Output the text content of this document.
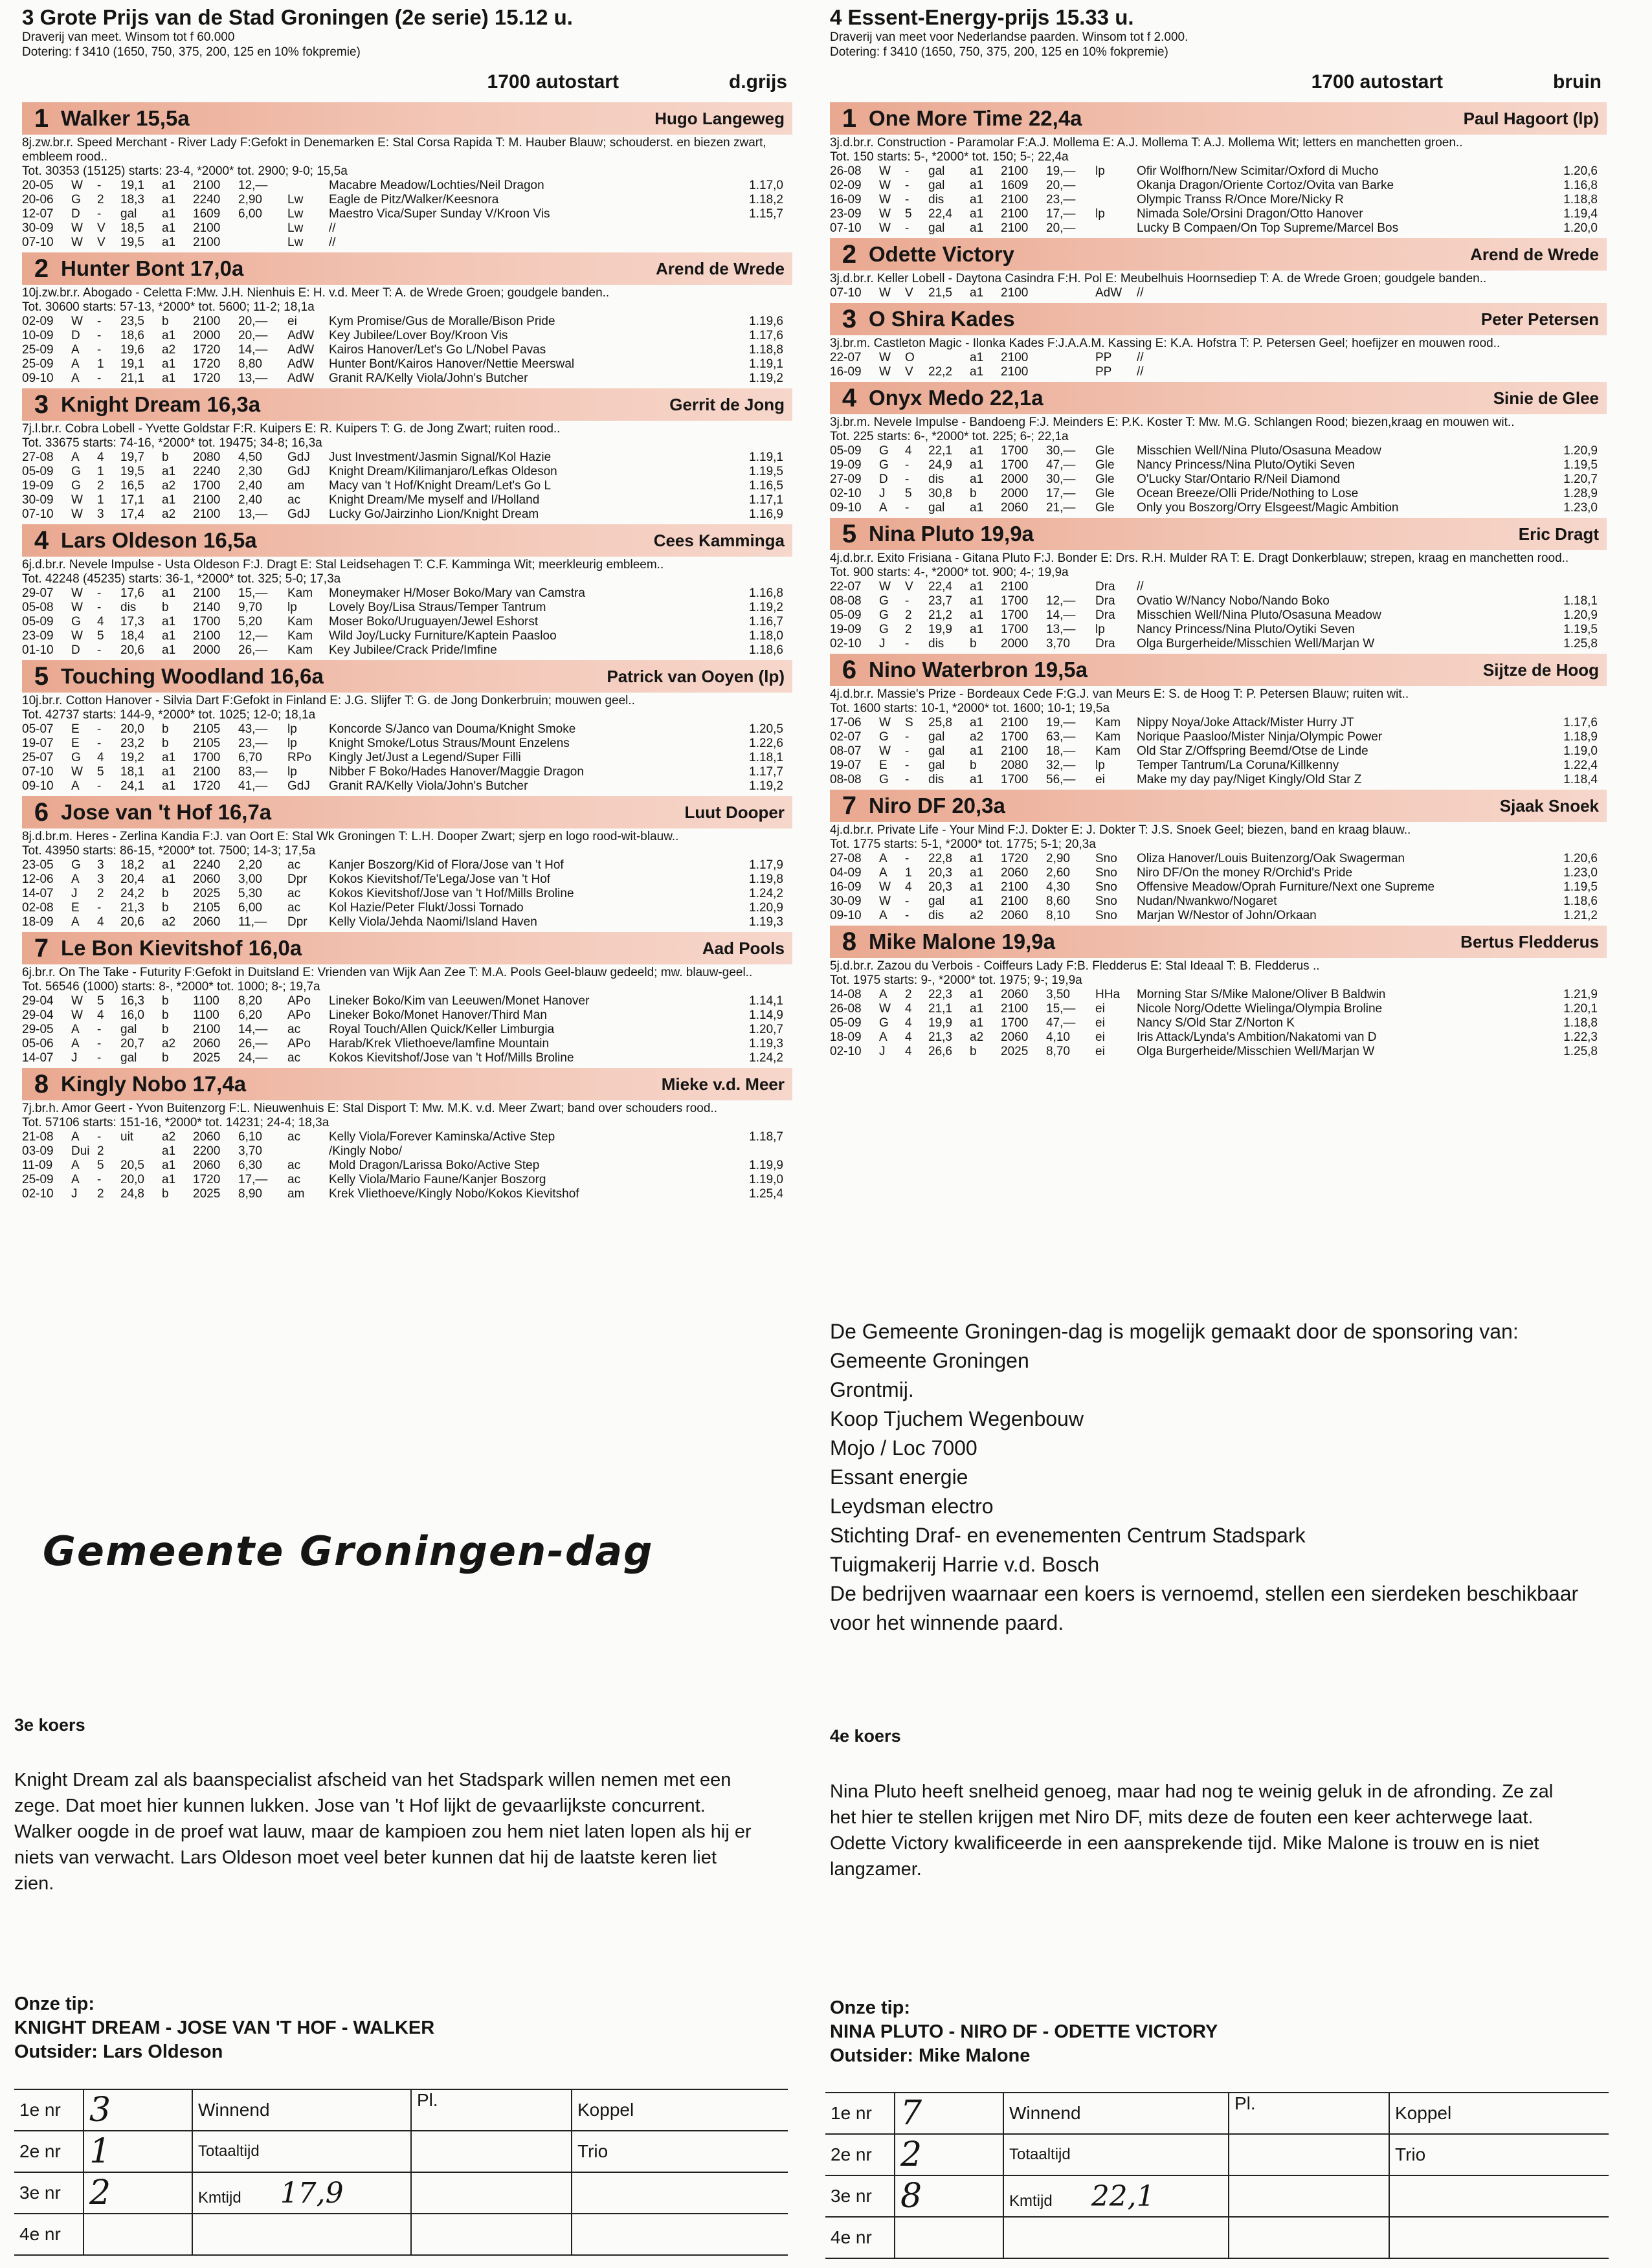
3 Grote Prijs van de Stad Groningen (2e serie) 15.12 u.
Draverij van meet. Winsom tot f 60.000
Dotering: f 3410 (1650, 750, 375, 200, 125 en 10% fokpremie)
1700 autostart	d.grijs
1 Walker 15,5a	Hugo Langeweg
8j.zw.br.r. Speed Merchant - River Lady F:Gefokt in Denemarken E: Stal Corsa Rapida T: M. Hauber Blauw; schouderst. en biezen zwart, embleem rood..
Tot. 30353 (15125) starts: 23-4, *2000* tot. 2900; 9-0; 15,5a
20-05	W	-	19,1	a1	2100	12,—		Macabre Meadow/Lochties/Neil Dragon	1.17,0
20-06	G	2	18,3	a1	2240	2,90	Lw	Eagle de Pitz/Walker/Keesnora	1.18,2
12-07	D	-	gal	a1	1609	6,00	Lw	Maestro Vica/Super Sunday V/Kroon Vis	1.15,7
30-09	W	V	18,5	a1	2100		Lw	//	
07-10	W	V	19,5	a1	2100		Lw	//	
2 Hunter Bont 17,0a	Arend de Wrede
10j.zw.br.r. Abogado - Celetta F:Mw. J.H. Nienhuis E: H. v.d. Meer T: A. de Wrede Groen; goudgele banden..
Tot. 30600 starts: 57-13, *2000* tot. 5600; 11-2; 18,1a
02-09	W	-	23,5	b	2100	20,—	ei	Kym Promise/Gus de Moralle/Bison Pride	1.19,6
10-09	D	-	18,6	a1	2000	20,—	AdW	Key Jubilee/Lover Boy/Kroon Vis	1.17,6
25-09	A	-	19,6	a2	1720	14,—	AdW	Kairos Hanover/Let's Go L/Nobel Pavas	1.18,8
25-09	A	1	19,1	a1	1720	8,80	AdW	Hunter Bont/Kairos Hanover/Nettie Meerswal	1.19,1
09-10	A	-	21,1	a1	1720	13,—	AdW	Granit RA/Kelly Viola/John's Butcher	1.19,2
3 Knight Dream 16,3a	Gerrit de Jong
7j.l.br.r. Cobra Lobell - Yvette Goldstar F:R. Kuipers E: R. Kuipers T: G. de Jong Zwart; ruiten rood..
Tot. 33675 starts: 74-16, *2000* tot. 19475; 34-8; 16,3a
27-08	A	4	19,7	b	2080	4,50	GdJ	Just Investment/Jasmin Signal/Kol Hazie	1.19,1
05-09	G	1	19,5	a1	2240	2,30	GdJ	Knight Dream/Kilimanjaro/Lefkas Oldeson	1.19,5
19-09	G	2	16,5	a2	1700	2,40	am	Macy van 't Hof/Knight Dream/Let's Go L	1.16,5
30-09	W	1	17,1	a1	2100	2,40	ac	Knight Dream/Me myself and I/Holland	1.17,1
07-10	W	3	17,4	a2	2100	13,—	GdJ	Lucky Go/Jairzinho Lion/Knight Dream	1.16,9
4 Lars Oldeson 16,5a	Cees Kamminga
6j.d.br.r. Nevele Impulse - Usta Oldeson F:J. Dragt E: Stal Leidsehagen T: C.F. Kamminga Wit; meerkleurig embleem..
Tot. 42248 (45235) starts: 36-1, *2000* tot. 325; 5-0; 17,3a
29-07	W	-	17,6	a1	2100	15,—	Kam	Moneymaker H/Moser Boko/Mary van Camstra	1.16,8
05-08	W	-	dis	b	2140	9,70	lp	Lovely Boy/Lisa Straus/Temper Tantrum	1.19,2
05-09	G	4	17,3	a1	1700	5,20	Kam	Moser Boko/Uruguayen/Jewel Eshorst	1.16,7
23-09	W	5	18,4	a1	2100	12,—	Kam	Wild Joy/Lucky Furniture/Kaptein Paasloo	1.18,0
01-10	D	-	20,6	a1	2000	26,—	Kam	Key Jubilee/Crack Pride/Imfine	1.18,6
5 Touching Woodland 16,6a	Patrick van Ooyen (lp)
10j.br.r. Cotton Hanover - Silvia Dart F:Gefokt in Finland E: J.G. Slijfer T: G. de Jong Donkerbruin; mouwen geel..
Tot. 42737 starts: 144-9, *2000* tot. 1025; 12-0; 18,1a
05-07	E	-	20,0	b	2105	43,—	lp	Koncorde S/Janco van Douma/Knight Smoke	1.20,5
19-07	E	-	23,2	b	2105	23,—	lp	Knight Smoke/Lotus Straus/Mount Enzelens	1.22,6
25-07	G	4	19,2	a1	1700	6,70	RPo	Kingly Jet/Just a Legend/Super Filli	1.18,1
07-10	W	5	18,1	a1	2100	83,—	lp	Nibber F Boko/Hades Hanover/Maggie Dragon	1.17,7
09-10	A	-	24,1	a1	1720	41,—	GdJ	Granit RA/Kelly Viola/John's Butcher	1.19,2
6 Jose van 't Hof 16,7a	Luut Dooper
8j.d.br.m. Heres - Zerlina Kandia F:J. van Oort E: Stal Wk Groningen T: L.H. Dooper Zwart; sjerp en logo rood-wit-blauw..
Tot. 43950 starts: 86-15, *2000* tot. 7500; 14-3; 17,5a
23-05	G	3	18,2	a1	2240	2,20	ac	Kanjer Boszorg/Kid of Flora/Jose van 't Hof	1.17,9
12-06	A	3	20,4	a1	2060	3,00	Dpr	Kokos Kievitshof/Te'Lega/Jose van 't Hof	1.19,8
14-07	J	2	24,2	b	2025	5,30	ac	Kokos Kievitshof/Jose van 't Hof/Mills Broline	1.24,2
02-08	E	-	21,3	b	2105	6,00	ac	Kol Hazie/Peter Flukt/Jossi Tornado	1.20,9
18-09	A	4	20,6	a2	2060	11,—	Dpr	Kelly Viola/Jehda Naomi/Island Haven	1.19,3
7 Le Bon Kievitshof 16,0a	Aad Pools
6j.br.r. On The Take - Futurity F:Gefokt in Duitsland E: Vrienden van Wijk Aan Zee T: M.A. Pools Geel-blauw gedeeld; mw. blauw-geel..
Tot. 56546 (1000) starts: 8-, *2000* tot. 1000; 8-; 19,7a
29-04	W	5	16,3	b	1100	8,20	APo	Lineker Boko/Kim van Leeuwen/Monet Hanover	1.14,1
29-04	W	4	16,0	b	1100	6,20	APo	Lineker Boko/Monet Hanover/Third Man	1.14,9
29-05	A	-	gal	b	2100	14,—	ac	Royal Touch/Allen Quick/Keller Limburgia	1.20,7
05-06	A	-	20,7	a2	2060	26,—	APo	Harab/Krek Vliethoeve/lamfine Mountain	1.19,3
14-07	J	-	gal	b	2025	24,—	ac	Kokos Kievitshof/Jose van 't Hof/Mills Broline	1.24,2
8 Kingly Nobo 17,4a	Mieke v.d. Meer
7j.br.h. Amor Geert - Yvon Buitenzorg F:L. Nieuwenhuis E: Stal Disport T: Mw. M.K. v.d. Meer Zwart; band over schouders rood..
Tot. 57106 starts: 151-16, *2000* tot. 14231; 24-4; 18,3a
21-08	A	-	uit	a2	2060	6,10	ac	Kelly Viola/Forever Kaminska/Active Step	1.18,7
03-09	Dui	2		a1	2200	3,70		/Kingly Nobo/	
11-09	A	5	20,5	a1	2060	6,30	ac	Mold Dragon/Larissa Boko/Active Step	1.19,9
25-09	A	-	20,0	a1	1720	17,—	ac	Kelly Viola/Mario Faune/Kanjer Boszorg	1.19,0
02-10	J	2	24,8	b	2025	8,90	am	Krek Vliethoeve/Kingly Nobo/Kokos Kievitshof	1.25,4
4 Essent-Energy-prijs 15.33 u.
Draverij van meet voor Nederlandse paarden. Winsom tot f 2.000.
Dotering: f 3410 (1650, 750, 375, 200, 125 en 10% fokpremie)
1700 autostart	bruin
1 One More Time 22,4a	Paul Hagoort (lp)
3j.d.br.r. Construction - Paramolar F:A.J. Mollema E: A.J. Mollema T: A.J. Mollema Wit; letters en manchetten groen..
Tot. 150 starts: 5-, *2000* tot. 150; 5-; 22,4a
26-08	W	-	gal	a1	2100	19,—	lp	Ofir Wolfhorn/New Scimitar/Oxford di Mucho	1.20,6
02-09	W	-	gal	a1	1609	20,—		Okanja Dragon/Oriente Cortoz/Ovita van Barke	1.16,8
16-09	W	-	dis	a1	2100	23,—		Olympic Transs R/Once More/Nicky R	1.18,8
23-09	W	5	22,4	a1	2100	17,—	lp	Nimada Sole/Orsini Dragon/Otto Hanover	1.19,4
07-10	W	-	gal	a1	2100	20,—		Lucky B Compaen/On Top Supreme/Marcel Bos	1.20,0
2 Odette Victory	Arend de Wrede
3j.d.br.r. Keller Lobell - Daytona Casindra F:H. Pol E: Meubelhuis Hoornsediep T: A. de Wrede Groen; goudgele banden..
07-10	W	V	21,5	a1	2100		AdW	//	
3 O Shira Kades	Peter Petersen
3j.br.m. Castleton Magic - Ilonka Kades F:J.A.A.M. Kassing E: K.A. Hofstra T: P. Petersen Geel; hoefijzer en mouwen rood..
22-07	W	O		a1	2100		PP	//	
16-09	W	V	22,2	a1	2100		PP	//	
4 Onyx Medo 22,1a	Sinie de Glee
3j.br.m. Nevele Impulse - Bandoeng F:J. Meinders E: P.K. Koster T: Mw. M.G. Schlangen Rood; biezen,kraag en mouwen wit..
Tot. 225 starts: 6-, *2000* tot. 225; 6-; 22,1a
05-09	G	4	22,1	a1	1700	30,—	Gle	Misschien Well/Nina Pluto/Osasuna Meadow	1.20,9
19-09	G	-	24,9	a1	1700	47,—	Gle	Nancy Princess/Nina Pluto/Oytiki Seven	1.19,5
27-09	D	-	dis	a1	2000	30,—	Gle	O'Lucky Star/Ontario R/Neil Diamond	1.20,7
02-10	J	5	30,8	b	2000	17,—	Gle	Ocean Breeze/Olli Pride/Nothing to Lose	1.28,9
09-10	A	-	gal	a1	2060	21,—	Gle	Only you Boszorg/Orry Elsgeest/Magic Ambition	1.23,0
5 Nina Pluto 19,9a	Eric Dragt
4j.d.br.r. Exito Frisiana - Gitana Pluto F:J. Bonder E: Drs. R.H. Mulder RA T: E. Dragt Donkerblauw; strepen, kraag en manchetten rood..
Tot. 900 starts: 4-, *2000* tot. 900; 4-; 19,9a
22-07	W	V	22,4	a1	2100		Dra	//	
08-08	G	-	23,7	a1	1700	12,—	Dra	Ovatio W/Nancy Nobo/Nando Boko	1.18,1
05-09	G	2	21,2	a1	1700	14,—	Dra	Misschien Well/Nina Pluto/Osasuna Meadow	1.20,9
19-09	G	2	19,9	a1	1700	13,—	lp	Nancy Princess/Nina Pluto/Oytiki Seven	1.19,5
02-10	J	-	dis	b	2000	3,70	Dra	Olga Burgerheide/Misschien Well/Marjan W	1.25,8
6 Nino Waterbron 19,5a	Sijtze de Hoog
4j.d.br.r. Massie's Prize - Bordeaux Cede F:G.J. van Meurs E: S. de Hoog T: P. Petersen Blauw; ruiten wit..
Tot. 1600 starts: 10-1, *2000* tot. 1600; 10-1; 19,5a
17-06	W	S	25,8	a1	2100	19,—	Kam	Nippy Noya/Joke Attack/Mister Hurry JT	1.17,6
02-07	G	-	gal	a2	1700	63,—	Kam	Norique Paasloo/Mister Ninja/Olympic Power	1.18,9
08-07	W	-	gal	a1	2100	18,—	Kam	Old Star Z/Offspring Beemd/Otse de Linde	1.19,0
19-07	E	-	gal	b	2080	32,—	lp	Temper Tantrum/La Coruna/Killkenny	1.22,4
08-08	G	-	dis	a1	1700	56,—	ei	Make my day pay/Niget Kingly/Old Star Z	1.18,4
7 Niro DF 20,3a	Sjaak Snoek
4j.d.br.r. Private Life - Your Mind F:J. Dokter E: J. Dokter T: J.S. Snoek Geel; biezen, band en kraag blauw..
Tot. 1775 starts: 5-1, *2000* tot. 1775; 5-1; 20,3a
27-08	A	-	22,8	a1	1720	2,90	Sno	Oliza Hanover/Louis Buitenzorg/Oak Swagerman	1.20,6
04-09	A	1	20,3	a1	2060	2,60	Sno	Niro DF/On the money R/Orchid's Pride	1.23,0
16-09	W	4	20,3	a1	2100	4,30	Sno	Offensive Meadow/Oprah Furniture/Next one Supreme	1.19,5
30-09	W	-	gal	a1	2100	8,60	Sno	Nudan/Nwankwo/Nogaret	1.18,6
09-10	A	-	dis	a2	2060	8,10	Sno	Marjan W/Nestor of John/Orkaan	1.21,2
8 Mike Malone 19,9a	Bertus Fledderus
5j.d.br.r. Zazou du Verbois - Coiffeurs Lady F:B. Fledderus E: Stal Ideaal T: B. Fledderus ..
Tot. 1975 starts: 9-, *2000* tot. 1975; 9-; 19,9a
14-08	A	2	22,3	a1	2060	3,50	HHa	Morning Star S/Mike Malone/Oliver B Baldwin	1.21,9
26-08	W	4	21,1	a1	2100	15,—	ei	Nicole Norg/Odette Wielinga/Olympia Broline	1.20,1
05-09	G	4	19,9	a1	1700	47,—	ei	Nancy S/Old Star Z/Norton K	1.18,8
18-09	A	4	21,3	a2	2060	4,10	ei	Iris Attack/Lynda's Ambition/Nakatomi van D	1.22,3
02-10	J	4	26,6	b	2025	8,70	ei	Olga Burgerheide/Misschien Well/Marjan W	1.25,8
De Gemeente Groningen-dag is mogelijk gemaakt door de sponsoring van:
Gemeente Groningen
Grontmij.
Koop Tjuchem Wegenbouw
Mojo / Loc 7000
Essant energie
Leydsman electro
Stichting Draf- en evenementen Centrum Stadspark
Tuigmakerij Harrie v.d. Bosch
De bedrijven waarnaar een koers is vernoemd, stellen een sierdeken beschikbaar voor het winnende paard.
Gemeente Groningen-dag
3e koers
Knight Dream zal als baanspecialist afscheid van het Stadspark willen nemen met een zege. Dat moet hier kunnen lukken. Jose van 't Hof lijkt de gevaarlijkste concurrent. Walker oogde in de proef wat lauw, maar de kampioen zou hem niet laten lopen als hij er niets van verwacht. Lars Oldeson moet veel beter kunnen dat hij de laatste keren liet zien.
Onze tip:
KNIGHT DREAM - JOSE VAN 'T HOF - WALKER
Outsider: Lars Oldeson
4e koers
Nina Pluto heeft snelheid genoeg, maar had nog te weinig geluk in de afronding. Ze zal het hier te stellen krijgen met Niro DF, mits deze de fouten een keer achterwege laat. Odette Victory kwalificeerde in een aansprekende tijd. Mike Malone is trouw en is niet langzamer.
Onze tip:
NINA PLUTO - NIRO DF - ODETTE VICTORY
Outsider: Mike Malone
1e nr	3	Winnend	Pl.	Koppel
2e nr	1	Totaaltijd		Trio
3e nr	2	Kmtijd 17,9		
4e nr				
1e nr	7	Winnend	Pl.	Koppel
2e nr	2	Totaaltijd		Trio
3e nr	8	Kmtijd 22,1		
4e nr				
